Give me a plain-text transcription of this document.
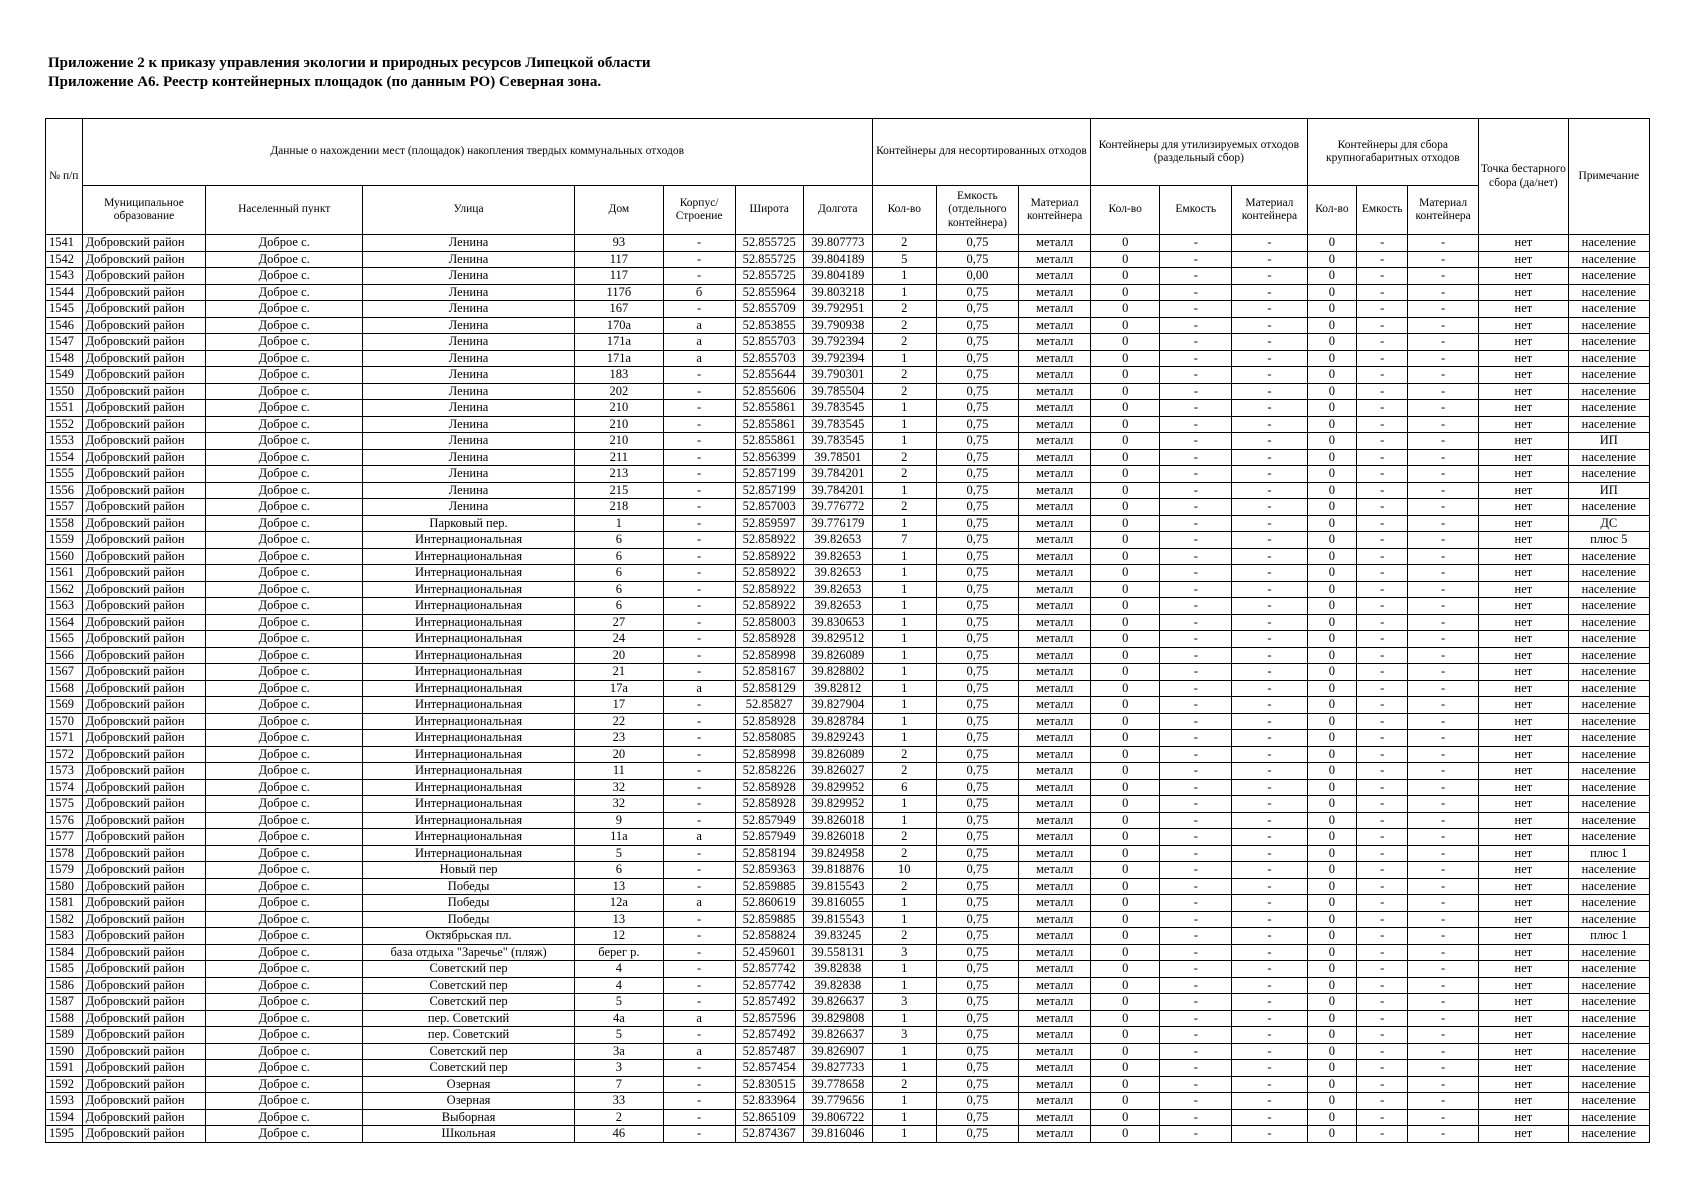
Приложение 2 к приказу управления экологии и природных ресурсов Липецкой области
Приложение А6. Реестр контейнерных площадок (по данным РО) Северная зона.
№ п/п	Данные о нахождении мест (площадок) накопления твердых коммунальных отходов							Контейнеры для несортированных отходов			Контейнеры для утилизируемых отходов (раздельный сбор)			Контейнеры для сбора крупногабаритных отходов			Точка бестарного сбора (да/нет)	Примечание
	Муниципальное образование	Населенный пункт	Улица	Дом	Корпус/ Строение	Широта	Долгота	Кол-во	Емкость (отдельного контейнера)	Материал контейнера	Кол-во	Емкость	Материал контейнера	Кол-во	Емкость	Материал контейнера		
1541	Добровский район	Доброе с.	Ленина	93	-	52.855725	39.807773	2	0,75	металл	0	-	-	0	-	-	нет	население
1542	Добровский район	Доброе с.	Ленина	117	-	52.855725	39.804189	5	0,75	металл	0	-	-	0	-	-	нет	население
1543	Добровский район	Доброе с.	Ленина	117	-	52.855725	39.804189	1	0,00	металл	0	-	-	0	-	-	нет	население
1544	Добровский район	Доброе с.	Ленина	117б	б	52.855964	39.803218	1	0,75	металл	0	-	-	0	-	-	нет	население
1545	Добровский район	Доброе с.	Ленина	167	-	52.855709	39.792951	2	0,75	металл	0	-	-	0	-	-	нет	население
1546	Добровский район	Доброе с.	Ленина	170а	а	52.853855	39.790938	2	0,75	металл	0	-	-	0	-	-	нет	население
1547	Добровский район	Доброе с.	Ленина	171а	а	52.855703	39.792394	2	0,75	металл	0	-	-	0	-	-	нет	население
1548	Добровский район	Доброе с.	Ленина	171а	а	52.855703	39.792394	1	0,75	металл	0	-	-	0	-	-	нет	население
1549	Добровский район	Доброе с.	Ленина	183	-	52.855644	39.790301	2	0,75	металл	0	-	-	0	-	-	нет	население
1550	Добровский район	Доброе с.	Ленина	202	-	52.855606	39.785504	2	0,75	металл	0	-	-	0	-	-	нет	население
1551	Добровский район	Доброе с.	Ленина	210	-	52.855861	39.783545	1	0,75	металл	0	-	-	0	-	-	нет	население
1552	Добровский район	Доброе с.	Ленина	210	-	52.855861	39.783545	1	0,75	металл	0	-	-	0	-	-	нет	население
1553	Добровский район	Доброе с.	Ленина	210	-	52.855861	39.783545	1	0,75	металл	0	-	-	0	-	-	нет	ИП
1554	Добровский район	Доброе с.	Ленина	211	-	52.856399	39.78501	2	0,75	металл	0	-	-	0	-	-	нет	население
1555	Добровский район	Доброе с.	Ленина	213	-	52.857199	39.784201	2	0,75	металл	0	-	-	0	-	-	нет	население
1556	Добровский район	Доброе с.	Ленина	215	-	52.857199	39.784201	1	0,75	металл	0	-	-	0	-	-	нет	ИП
1557	Добровский район	Доброе с.	Ленина	218	-	52.857003	39.776772	2	0,75	металл	0	-	-	0	-	-	нет	население
1558	Добровский район	Доброе с.	Парковый пер.	1	-	52.859597	39.776179	1	0,75	металл	0	-	-	0	-	-	нет	ДС
1559	Добровский район	Доброе с.	Интернациональная	6	-	52.858922	39.82653	7	0,75	металл	0	-	-	0	-	-	нет	плюс 5
1560	Добровский район	Доброе с.	Интернациональная	6	-	52.858922	39.82653	1	0,75	металл	0	-	-	0	-	-	нет	население
1561	Добровский район	Доброе с.	Интернациональная	6	-	52.858922	39.82653	1	0,75	металл	0	-	-	0	-	-	нет	население
1562	Добровский район	Доброе с.	Интернациональная	6	-	52.858922	39.82653	1	0,75	металл	0	-	-	0	-	-	нет	население
1563	Добровский район	Доброе с.	Интернациональная	6	-	52.858922	39.82653	1	0,75	металл	0	-	-	0	-	-	нет	население
1564	Добровский район	Доброе с.	Интернациональная	27	-	52.858003	39.830653	1	0,75	металл	0	-	-	0	-	-	нет	население
1565	Добровский район	Доброе с.	Интернациональная	24	-	52.858928	39.829512	1	0,75	металл	0	-	-	0	-	-	нет	население
1566	Добровский район	Доброе с.	Интернациональная	20	-	52.858998	39.826089	1	0,75	металл	0	-	-	0	-	-	нет	население
1567	Добровский район	Доброе с.	Интернациональная	21	-	52.858167	39.828802	1	0,75	металл	0	-	-	0	-	-	нет	население
1568	Добровский район	Доброе с.	Интернациональная	17а	а	52.858129	39.82812	1	0,75	металл	0	-	-	0	-	-	нет	население
1569	Добровский район	Доброе с.	Интернациональная	17	-	52.85827	39.827904	1	0,75	металл	0	-	-	0	-	-	нет	население
1570	Добровский район	Доброе с.	Интернациональная	22	-	52.858928	39.828784	1	0,75	металл	0	-	-	0	-	-	нет	население
1571	Добровский район	Доброе с.	Интернациональная	23	-	52.858085	39.829243	1	0,75	металл	0	-	-	0	-	-	нет	население
1572	Добровский район	Доброе с.	Интернациональная	20	-	52.858998	39.826089	2	0,75	металл	0	-	-	0	-	-	нет	население
1573	Добровский район	Доброе с.	Интернациональная	11	-	52.858226	39.826027	2	0,75	металл	0	-	-	0	-	-	нет	население
1574	Добровский район	Доброе с.	Интернациональная	32	-	52.858928	39.829952	6	0,75	металл	0	-	-	0	-	-	нет	население
1575	Добровский район	Доброе с.	Интернациональная	32	-	52.858928	39.829952	1	0,75	металл	0	-	-	0	-	-	нет	население
1576	Добровский район	Доброе с.	Интернациональная	9	-	52.857949	39.826018	1	0,75	металл	0	-	-	0	-	-	нет	население
1577	Добровский район	Доброе с.	Интернациональная	11а	а	52.857949	39.826018	2	0,75	металл	0	-	-	0	-	-	нет	население
1578	Добровский район	Доброе с.	Интернациональная	5	-	52.858194	39.824958	2	0,75	металл	0	-	-	0	-	-	нет	плюс 1
1579	Добровский район	Доброе с.	Новый пер	6	-	52.859363	39.818876	10	0,75	металл	0	-	-	0	-	-	нет	население
1580	Добровский район	Доброе с.	Победы	13	-	52.859885	39.815543	2	0,75	металл	0	-	-	0	-	-	нет	население
1581	Добровский район	Доброе с.	Победы	12а	а	52.860619	39.816055	1	0,75	металл	0	-	-	0	-	-	нет	население
1582	Добровский район	Доброе с.	Победы	13	-	52.859885	39.815543	1	0,75	металл	0	-	-	0	-	-	нет	население
1583	Добровский район	Доброе с.	Октябрьская пл.	12	-	52.858824	39.83245	2	0,75	металл	0	-	-	0	-	-	нет	плюс 1
1584	Добровский район	Доброе с.	база отдыха "Заречье" (пляж)	берег р.	-	52.459601	39.558131	3	0,75	металл	0	-	-	0	-	-	нет	население
1585	Добровский район	Доброе с.	Советский пер	4	-	52.857742	39.82838	1	0,75	металл	0	-	-	0	-	-	нет	население
1586	Добровский район	Доброе с.	Советский пер	4	-	52.857742	39.82838	1	0,75	металл	0	-	-	0	-	-	нет	население
1587	Добровский район	Доброе с.	Советский пер	5	-	52.857492	39.826637	3	0,75	металл	0	-	-	0	-	-	нет	население
1588	Добровский район	Доброе с.	пер. Советский	4а	а	52.857596	39.829808	1	0,75	металл	0	-	-	0	-	-	нет	население
1589	Добровский район	Доброе с.	пер. Советский	5	-	52.857492	39.826637	3	0,75	металл	0	-	-	0	-	-	нет	население
1590	Добровский район	Доброе с.	Советский пер	3а	а	52.857487	39.826907	1	0,75	металл	0	-	-	0	-	-	нет	население
1591	Добровский район	Доброе с.	Советский пер	3	-	52.857454	39.827733	1	0,75	металл	0	-	-	0	-	-	нет	население
1592	Добровский район	Доброе с.	Озерная	7	-	52.830515	39.778658	2	0,75	металл	0	-	-	0	-	-	нет	население
1593	Добровский район	Доброе с.	Озерная	33	-	52.833964	39.779656	1	0,75	металл	0	-	-	0	-	-	нет	население
1594	Добровский район	Доброе с.	Выборная	2	-	52.865109	39.806722	1	0,75	металл	0	-	-	0	-	-	нет	население
1595	Добровский район	Доброе с.	Школьная	46	-	52.874367	39.816046	1	0,75	металл	0	-	-	0	-	-	нет	население
